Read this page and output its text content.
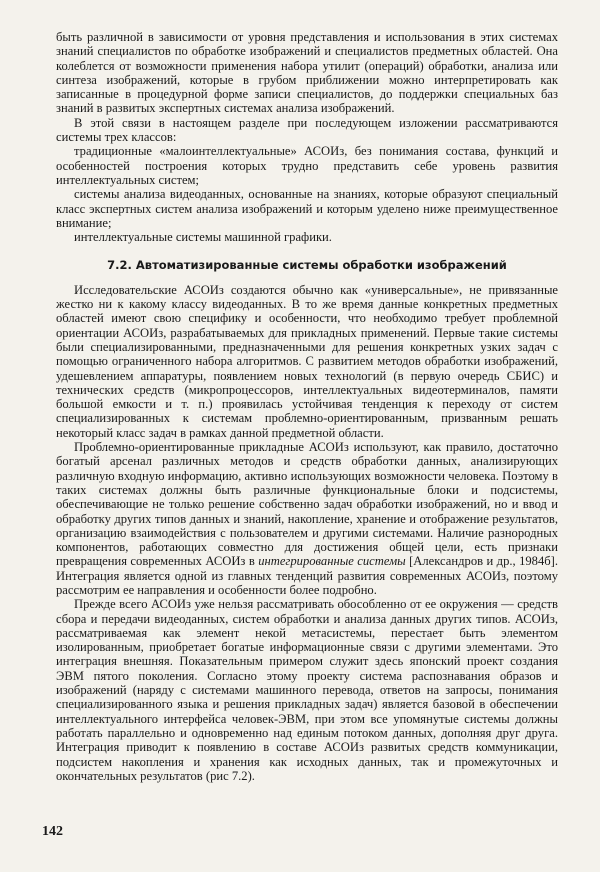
быть различной в зависимости от уровня представления и использования в этих системах знаний специалистов по обработке изображений и специалистов предметных областей. Она колеблется от возможности применения набора утилит (операций) обработки, анализа или синтеза изображений, которые в грубом приближении можно интерпретировать как записанные в процедурной форме записи специалистов, до поддержки специальных баз знаний в развитых экспертных системах анализа изображений.

В этой связи в настоящем разделе при последующем изложении рассматриваются системы трех классов:

традиционные «малоинтеллектуальные» АСОИз, без понимания состава, функций и особенностей построения которых трудно представить себе уровень развития интеллектуальных систем;

системы анализа видеоданных, основанные на знаниях, которые образуют специальный класс экспертных систем анализа изображений и которым уделено ниже преимущественное внимание;

интеллектуальные системы машинной графики.

7.2. Автоматизированные системы обработки изображений

Исследовательские АСОИз создаются обычно как «универсальные», не привязанные жестко ни к какому классу видеоданных. В то же время данные конкретных предметных областей имеют свою специфику и особенности, что необходимо требует проблемной ориентации АСОИз, разрабатываемых для прикладных применений. Первые такие системы были специализированными, предназначенными для решения конкретных узких задач с помощью ограниченного набора алгоритмов. С развитием методов обработки изображений, удешевлением аппаратуры, появлением новых технологий (в первую очередь СБИС) и технических средств (микропроцессоров, интеллектуальных видеотерминалов, памяти большой емкости и т. п.) проявилась устойчивая тенденция к переходу от систем специализированных к системам проблемно-ориентированным, призванным решать некоторый класс задач в рамках данной предметной области.

Проблемно-ориентированные прикладные АСОИз используют, как правило, достаточно богатый арсенал различных методов и средств обработки данных, анализирующих различную входную информацию, активно использующих возможности человека. Поэтому в таких системах должны быть различные функциональные блоки и подсистемы, обеспечивающие не только решение собственно задач обработки изображений, но и ввод и обработку других типов данных и знаний, накопление, хранение и отображение результатов, организацию взаимодействия с пользователем и другими системами. Наличие разнородных компонентов, работающих совместно для достижения общей цели, есть признаки превращения современных АСОИз в интегрированные системы [Александров и др., 1984б]. Интеграция является одной из главных тенденций развития современных АСОИз, поэтому рассмотрим ее направления и особенности более подробно.

Прежде всего АСОИз уже нельзя рассматривать обособленно от ее окружения — средств сбора и передачи видеоданных, систем обработки и анализа данных других типов. АСОИз, рассматриваемая как элемент некой метасистемы, перестает быть элементом изолированным, приобретает богатые информационные связи с другими элементами. Это интеграция внешняя. Показательным примером служит здесь японский проект создания ЭВМ пятого поколения. Согласно этому проекту система распознавания образов и изображений (наряду с системами машинного перевода, ответов на запросы, понимания специализированного языка и решения прикладных задач) является базовой в обеспечении интеллектуального интерфейса человек-ЭВМ, при этом все упомянутые системы должны работать параллельно и одновременно над единым потоком данных, дополняя друг друга. Интеграция приводит к появлению в составе АСОИз развитых средств коммуникации, подсистем накопления и хранения как исходных данных, так и промежуточных и окончательных результатов (рис 7.2).

142
